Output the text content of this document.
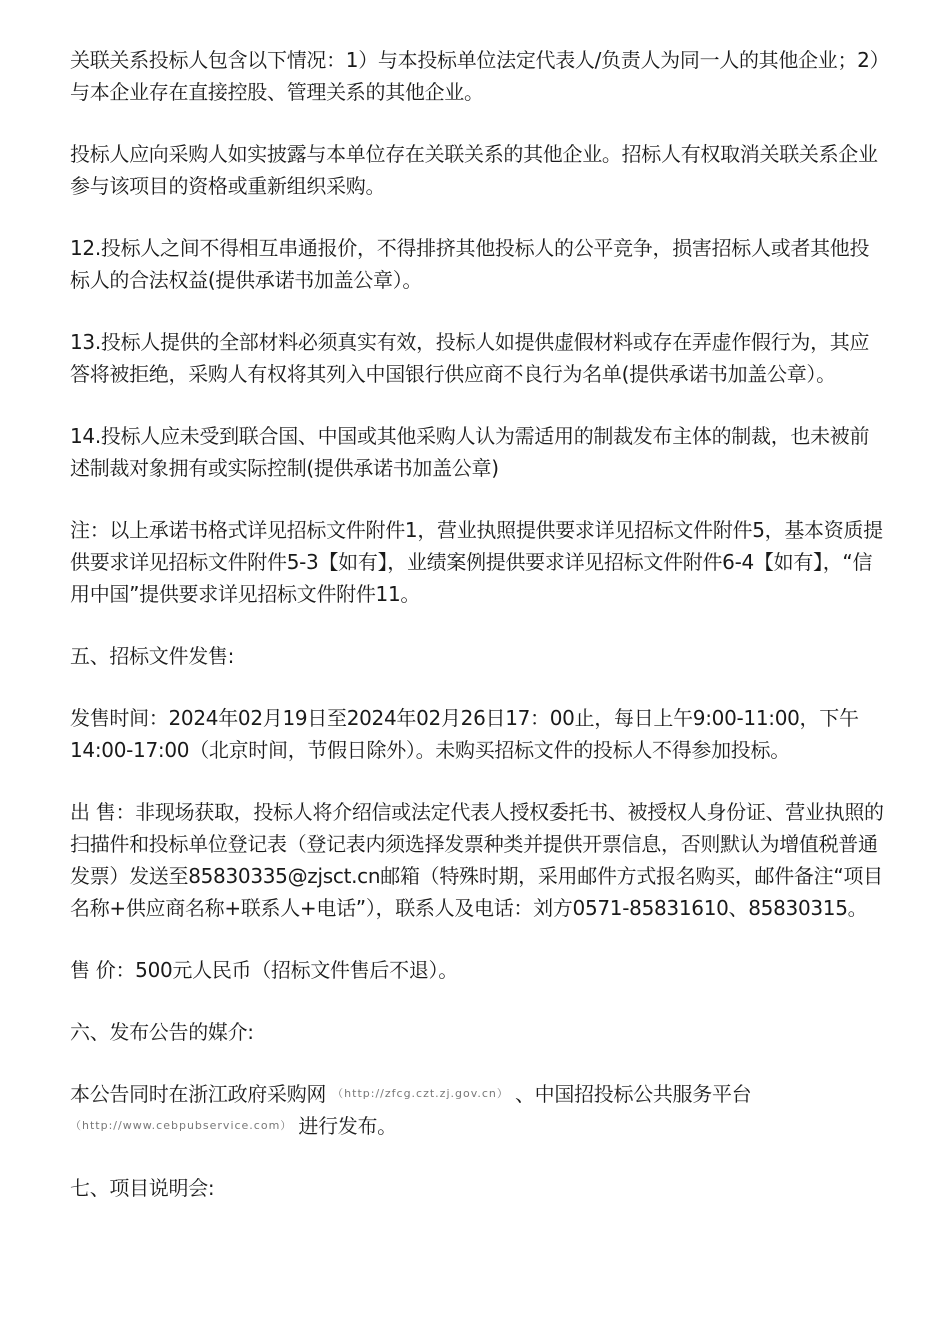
关联关系投标人包含以下情况：1）与本投标单位法定代表人/负责人为同一人的其他企业；2）与本企业存在直接控股、管理关系的其他企业。

投标人应向采购人如实披露与本单位存在关联关系的其他企业。招标人有权取消关联关系企业参与该项目的资格或重新组织采购。

12.投标人之间不得相互串通报价，不得排挤其他投标人的公平竞争，损害招标人或者其他投标人的合法权益(提供承诺书加盖公章）。

13.投标人提供的全部材料必须真实有效，投标人如提供虚假材料或存在弄虚作假行为，其应答将被拒绝，采购人有权将其列入中国银行供应商不良行为名单(提供承诺书加盖公章）。

14.投标人应未受到联合国、中国或其他采购人认为需适用的制裁发布主体的制裁，也未被前述制裁对象拥有或实际控制(提供承诺书加盖公章)

注：以上承诺书格式详见招标文件附件1，营业执照提供要求详见招标文件附件5，基本资质提供要求详见招标文件附件5-3【如有】，业绩案例提供要求详见招标文件附件6-4【如有】，“信用中国”提供要求详见招标文件附件11。

五、招标文件发售:

发售时间：2024年02月19日至2024年02月26日17：00止，每日上午9:00-11:00，下午14:00-17:00（北京时间，节假日除外）。未购买招标文件的投标人不得参加投标。

出 售：非现场获取，投标人将介绍信或法定代表人授权委托书、被授权人身份证、营业执照的扫描件和投标单位登记表（登记表内须选择发票种类并提供开票信息，否则默认为增值税普通发票）发送至85830335@zjsct.cn邮箱（特殊时期，采用邮件方式报名购买，邮件备注“项目名称+供应商名称+联系人+电话”），联系人及电话：刘方0571-85831610、85830315。

售 价：500元人民币（招标文件售后不退）。

六、发布公告的媒介:

本公告同时在浙江政府采购网 $^{(http://zfcg.czt.zj.gov.cn)}$ 、中国招投标公共服务平台
$^{(http://www.cebpubservice.com)}$ 进行发布。

七、项目说明会:
